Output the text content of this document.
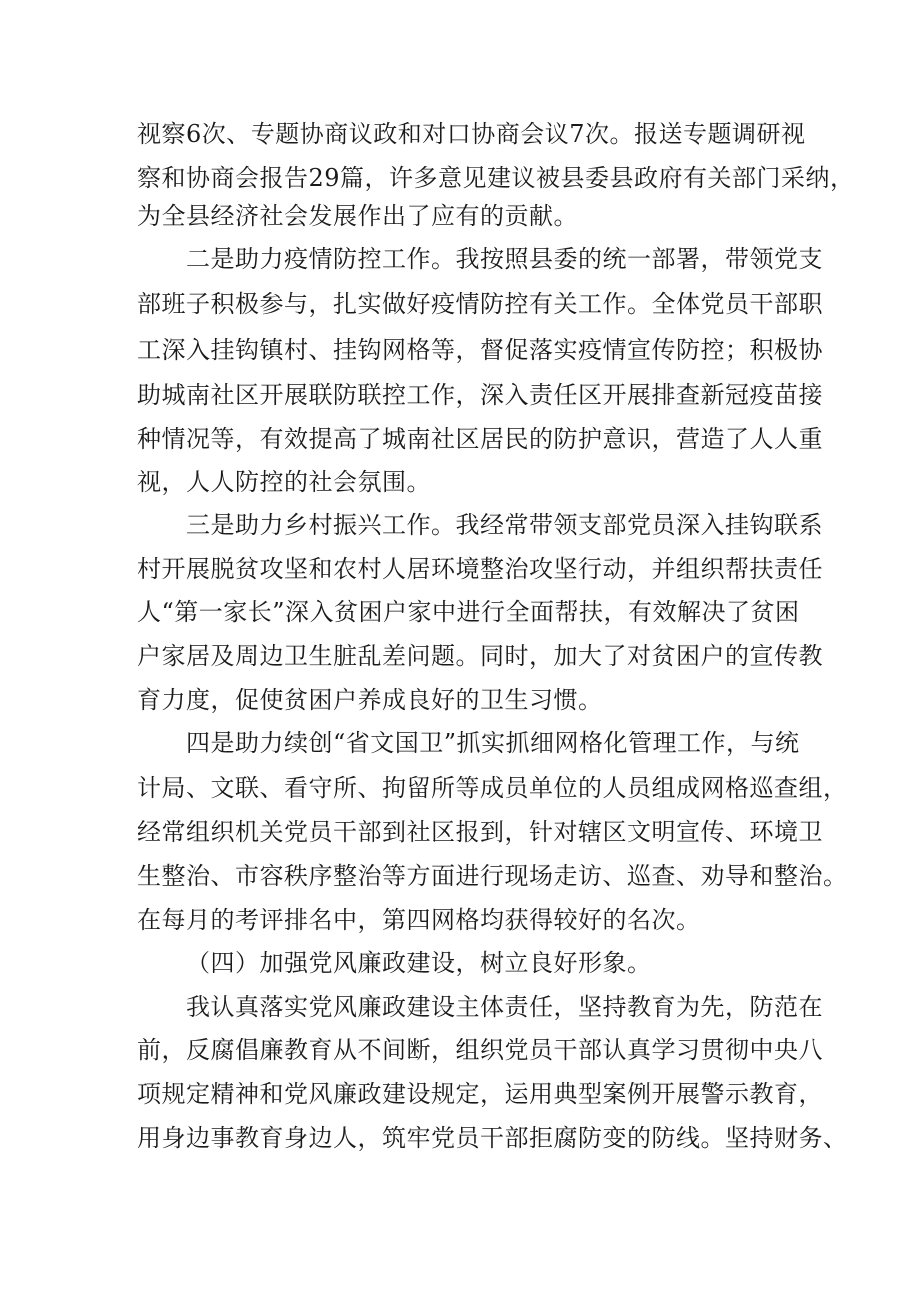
视察6次、专题协商议政和对口协商会议7次。报送专题调研视
察和协商会报告29篇，许多意见建议被县委县政府有关部门采纳，
为全县经济社会发展作出了应有的贡献。
二是助力疫情防控工作。我按照县委的统一部署，带领党支
部班子积极参与，扎实做好疫情防控有关工作。全体党员干部职
工深入挂钩镇村、挂钩网格等，督促落实疫情宣传防控；积极协
助城南社区开展联防联控工作，深入责任区开展排查新冠疫苗接
种情况等，有效提高了城南社区居民的防护意识，营造了人人重
视，人人防控的社会氛围。
三是助力乡村振兴工作。我经常带领支部党员深入挂钩联系
村开展脱贫攻坚和农村人居环境整治攻坚行动，并组织帮扶责任
人“第一家长”深入贫困户家中进行全面帮扶，有效解决了贫困
户家居及周边卫生脏乱差问题。同时，加大了对贫困户的宣传教
育力度，促使贫困户养成良好的卫生习惯。
四是助力续创“省文国卫”抓实抓细网格化管理工作，与统
计局、文联、看守所、拘留所等成员单位的人员组成网格巡查组，
经常组织机关党员干部到社区报到，针对辖区文明宣传、环境卫
生整治、市容秩序整治等方面进行现场走访、巡查、劝导和整治。
在每月的考评排名中，第四网格均获得较好的名次。
（四）加强党风廉政建设，树立良好形象。
我认真落实党风廉政建设主体责任，坚持教育为先，防范在
前，反腐倡廉教育从不间断，组织党员干部认真学习贯彻中央八
项规定精神和党风廉政建设规定，运用典型案例开展警示教育，
用身边事教育身边人，筑牢党员干部拒腐防变的防线。坚持财务、
